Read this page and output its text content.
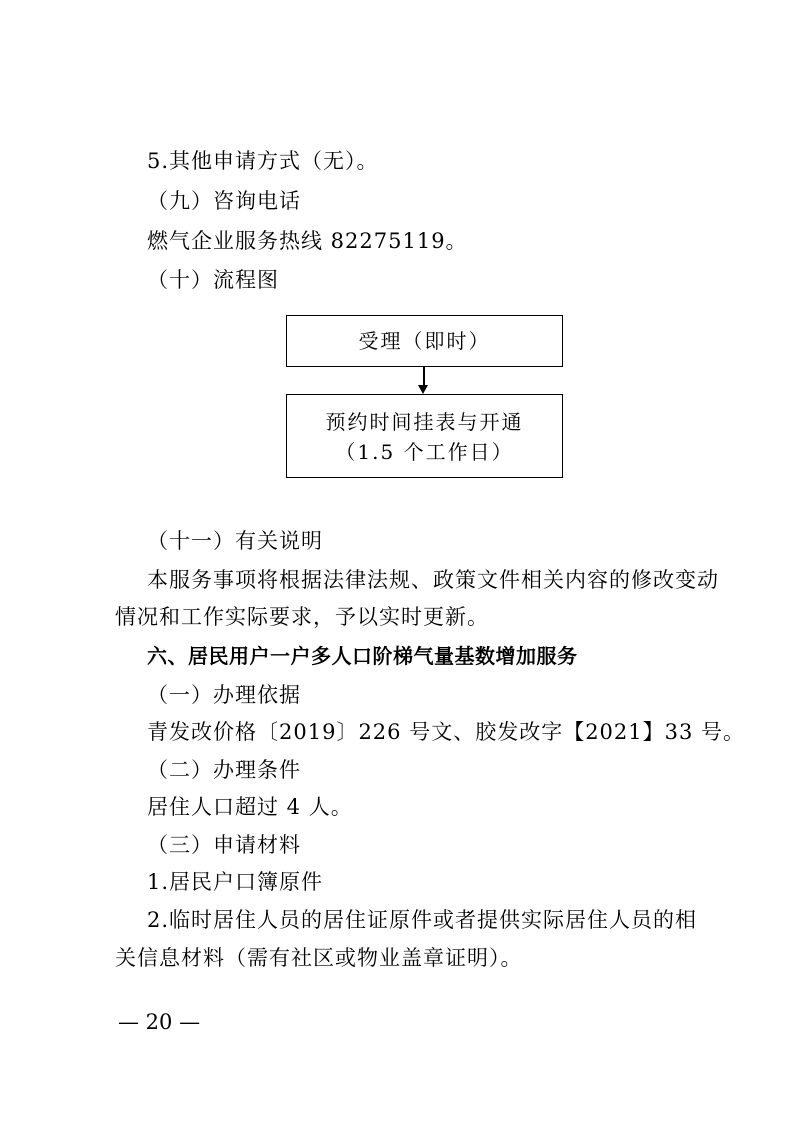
5.其他申请方式（无）。
（九）咨询电话
燃气企业服务热线 82275119。
（十）流程图
受理（即时）
预约时间挂表与开通
（1.5 个工作日）
（十一）有关说明
本服务事项将根据法律法规、政策文件相关内容的修改变动
情况和工作实际要求，予以实时更新。
六、居民用户一户多人口阶梯气量基数增加服务
（一）办理依据
青发改价格〔2019〕226 号文、胶发改字【2021】33 号。
（二）办理条件
居住人口超过 4 人。
（三）申请材料
1.居民户口簿原件
2.临时居住人员的居住证原件或者提供实际居住人员的相
关信息材料（需有社区或物业盖章证明）。
— 20 —
